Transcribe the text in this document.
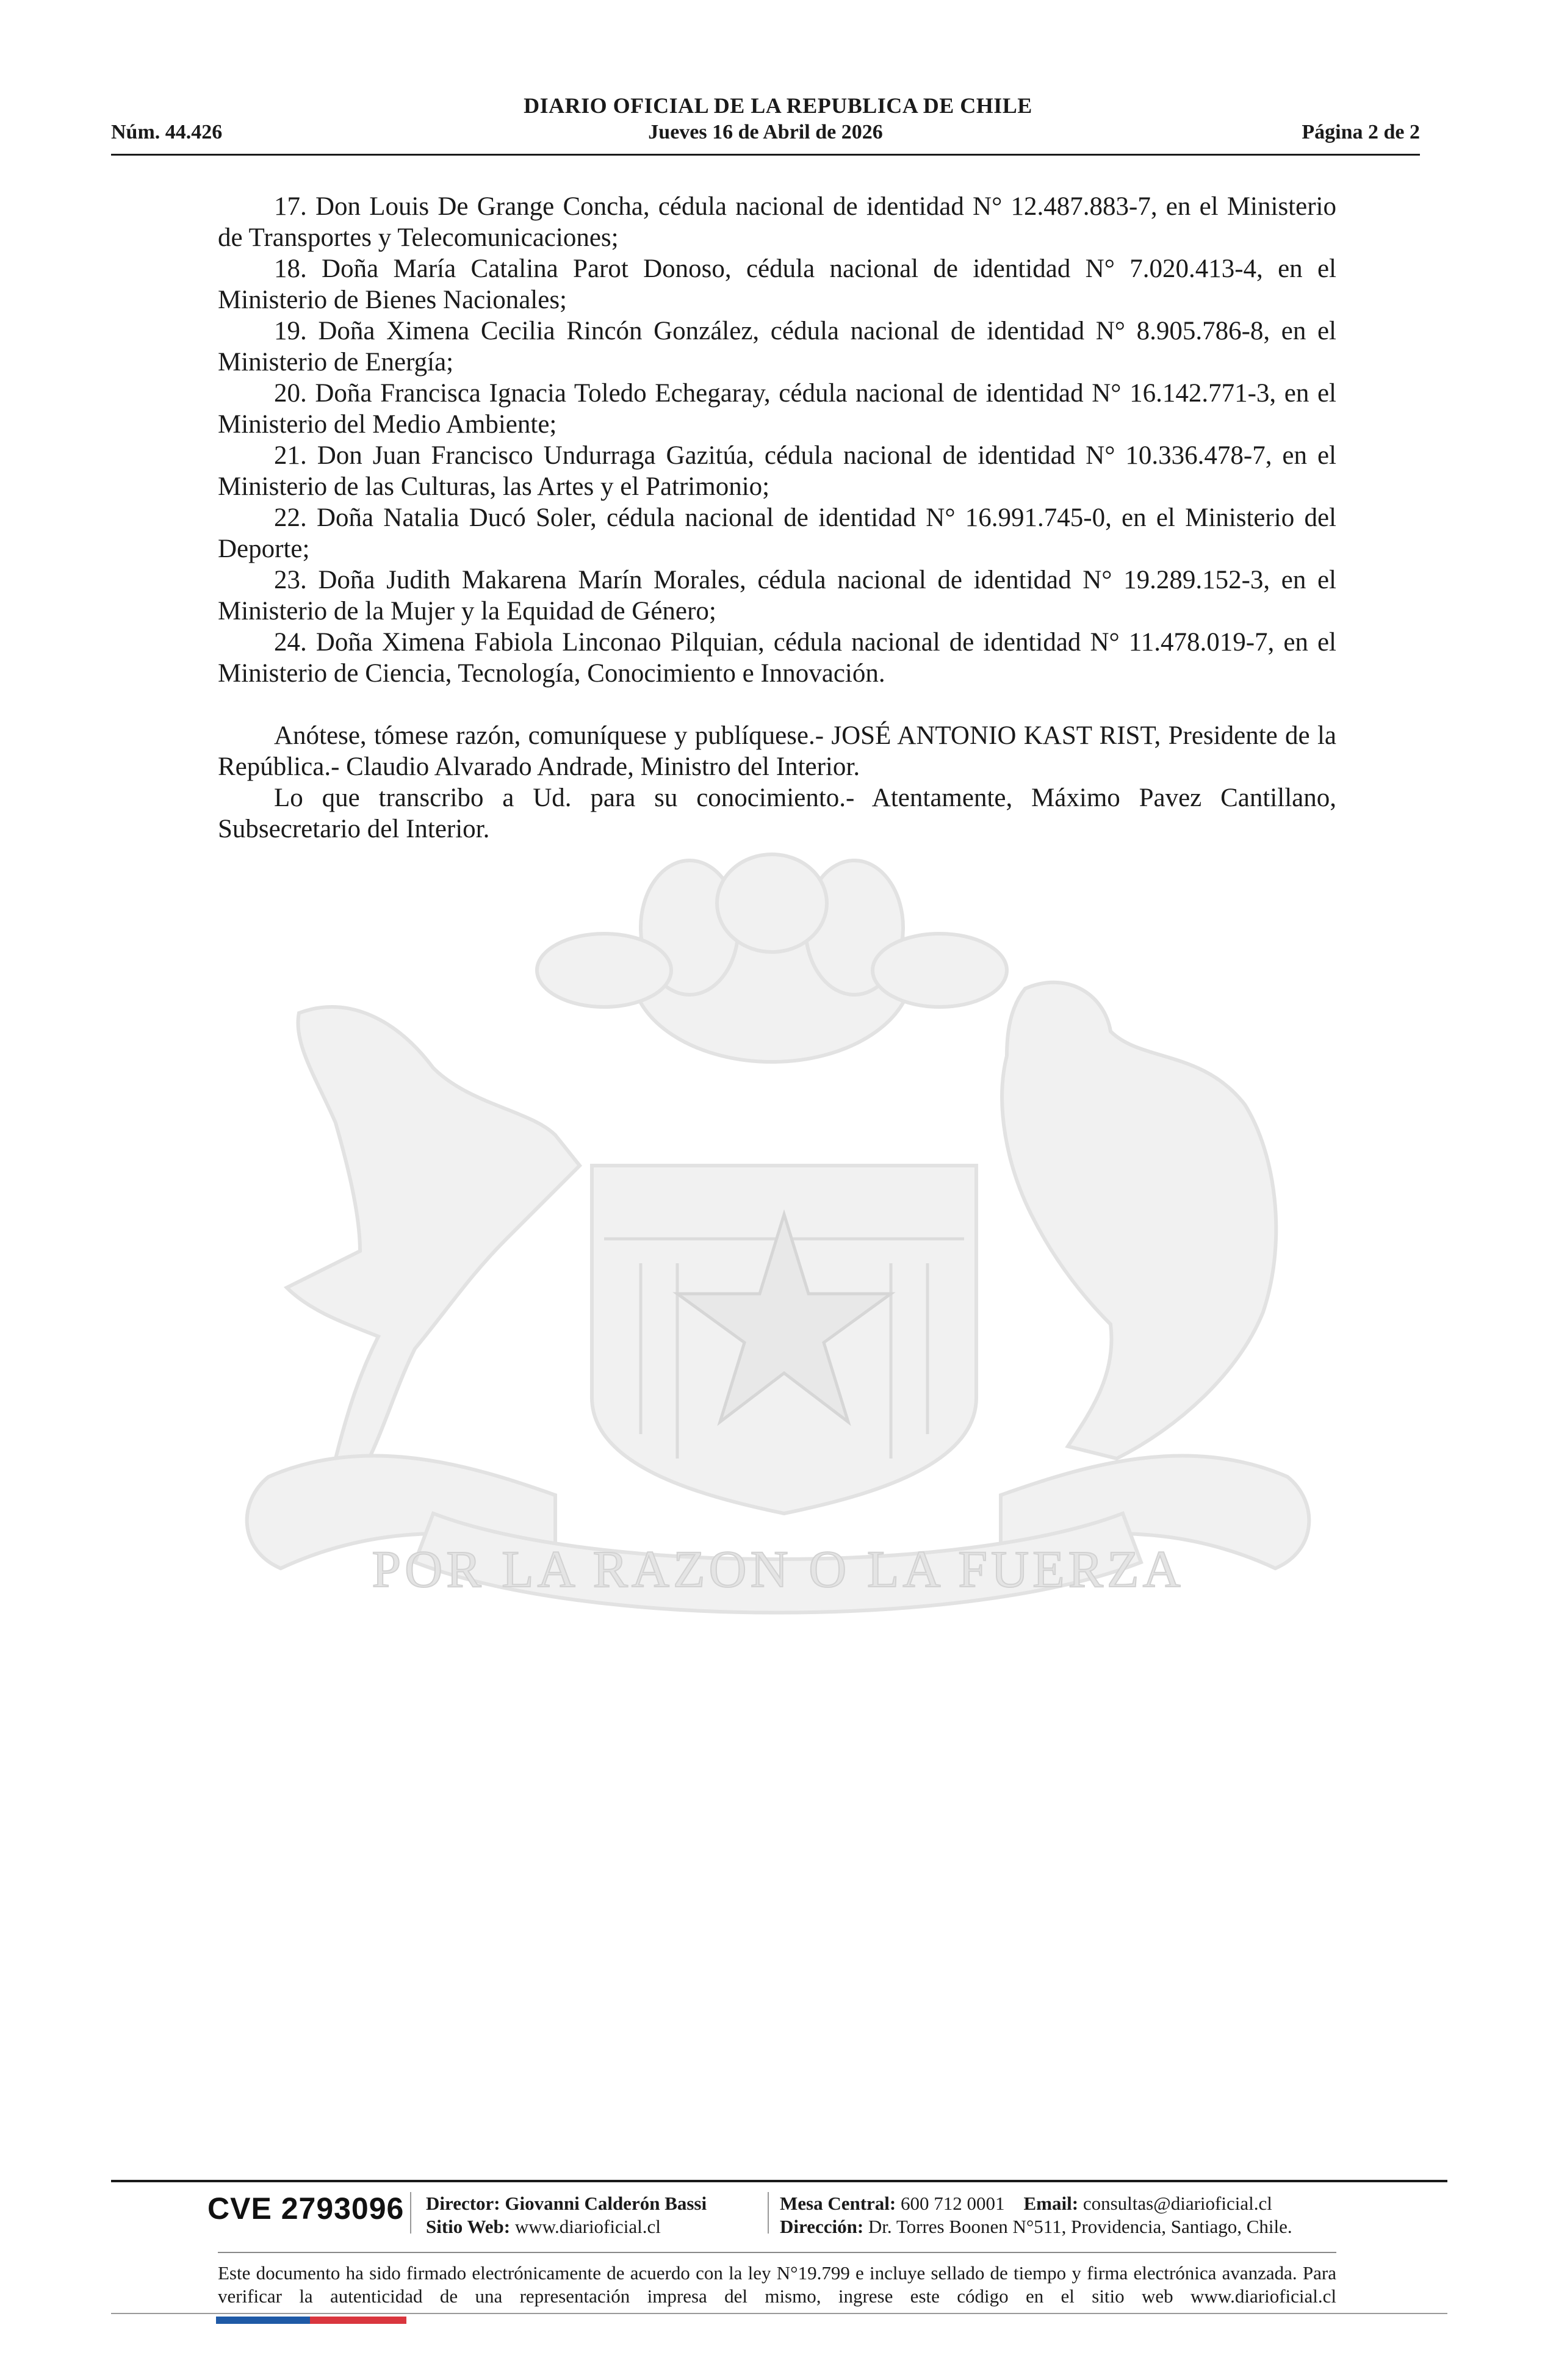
DIARIO OFICIAL DE LA REPUBLICA DE CHILE
Núm. 44.426	Jueves 16 de Abril de 2026	Página 2 de 2
POR LA RAZON O LA FUERZA

17. Don Louis De Grange Concha, cédula nacional de identidad N° 12.487.883-7, en el Ministerio de Transportes y Telecomunicaciones;

18. Doña María Catalina Parot Donoso, cédula nacional de identidad N° 7.020.413-4, en el Ministerio de Bienes Nacionales;

19. Doña Ximena Cecilia Rincón González, cédula nacional de identidad N° 8.905.786-8, en el Ministerio de Energía;

20. Doña Francisca Ignacia Toledo Echegaray, cédula nacional de identidad N° 16.142.771-3, en el Ministerio del Medio Ambiente;

21. Don Juan Francisco Undurraga Gazitúa, cédula nacional de identidad N° 10.336.478-7, en el Ministerio de las Culturas, las Artes y el Patrimonio;

22. Doña Natalia Ducó Soler, cédula nacional de identidad N° 16.991.745-0, en el Ministerio del Deporte;

23. Doña Judith Makarena Marín Morales, cédula nacional de identidad N° 19.289.152-3, en el Ministerio de la Mujer y la Equidad de Género;

24. Doña Ximena Fabiola Linconao Pilquian, cédula nacional de identidad N° 11.478.019-7, en el Ministerio de Ciencia, Tecnología, Conocimiento e Innovación.

Anótese, tómese razón, comuníquese y publíquese.- JOSÉ ANTONIO KAST RIST, Presidente de la República.- Claudio Alvarado Andrade, Ministro del Interior.

Lo que transcribo a Ud. para su conocimiento.- Atentamente, Máximo Pavez Cantillano, Subsecretario del Interior.

CVE 2793096 Director: Giovanni Calderón Bassi
Sitio Web: www.diarioficial.cl
Mesa Central: 600 712 0001 Email: consultas@diarioficial.cl
Dirección: Dr. Torres Boonen N°511, Providencia, Santiago, Chile.
Este documento ha sido firmado electrónicamente de acuerdo con la ley N°19.799 e incluye sellado de tiempo y firma electrónica avanzada. Para verificar la autenticidad de una representación impresa del mismo, ingrese este código en el sitio web www.diarioficial.cl
